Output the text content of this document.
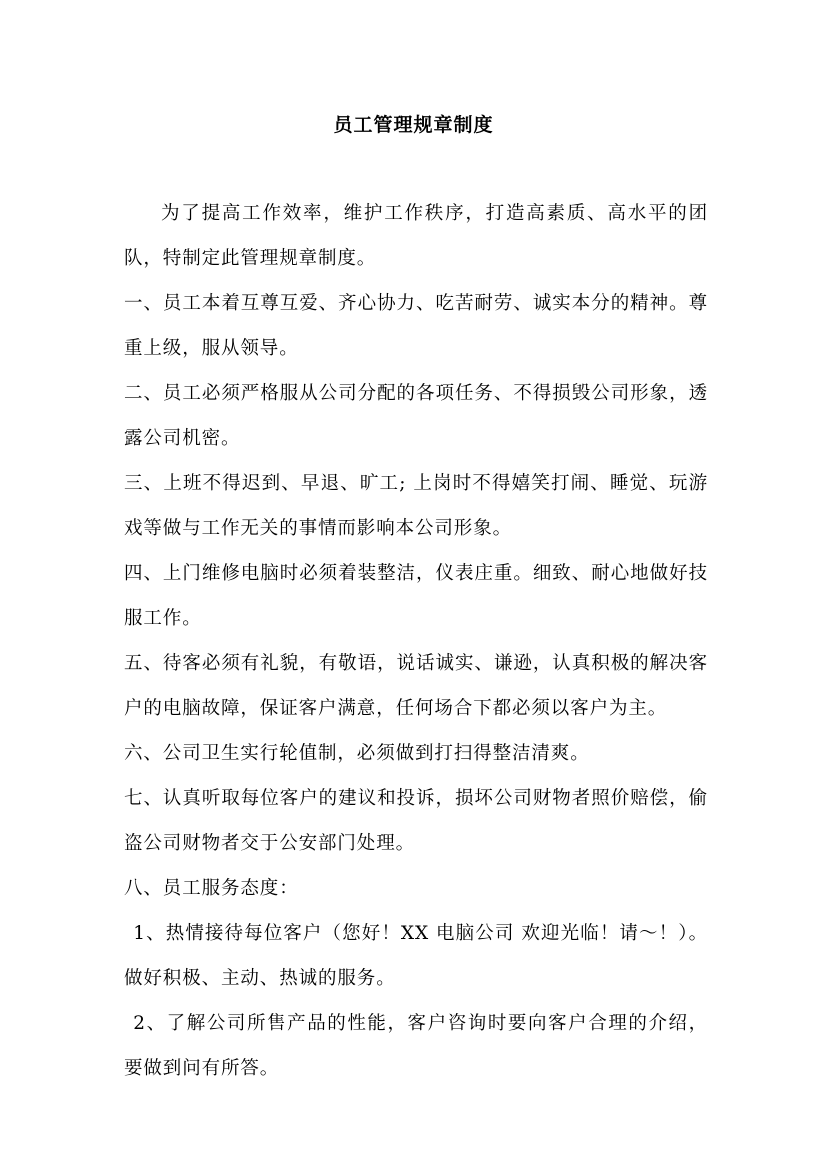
员工管理规章制度

为了提高工作效率，维护工作秩序，打造高素质、高水平的团队，特制定此管理规章制度。

一、员工本着互尊互爱、齐心协力、吃苦耐劳、诚实本分的精神。尊重上级，服从领导。

二、员工必须严格服从公司分配的各项任务、不得损毁公司形象，透露公司机密。

三、上班不得迟到、早退、旷工; 上岗时不得嬉笑打闹、睡觉、玩游戏等做与工作无关的事情而影响本公司形象。

四、上门维修电脑时必须着装整洁，仪表庄重。细致、耐心地做好技服工作。

五、待客必须有礼貌，有敬语，说话诚实、谦逊，认真积极的解决客户的电脑故障，保证客户满意，任何场合下都必须以客户为主。

六、公司卫生实行轮值制，必须做到打扫得整洁清爽。

七、认真听取每位客户的建议和投诉，损坏公司财物者照价赔偿，偷盗公司财物者交于公安部门处理。

八、员工服务态度：

1、热情接待每位客户（您好！XX 电脑公司 欢迎光临！请～！）。做好积极、主动、热诚的服务。

2、了解公司所售产品的性能，客户咨询时要向客户合理的介绍，要做到问有所答。
